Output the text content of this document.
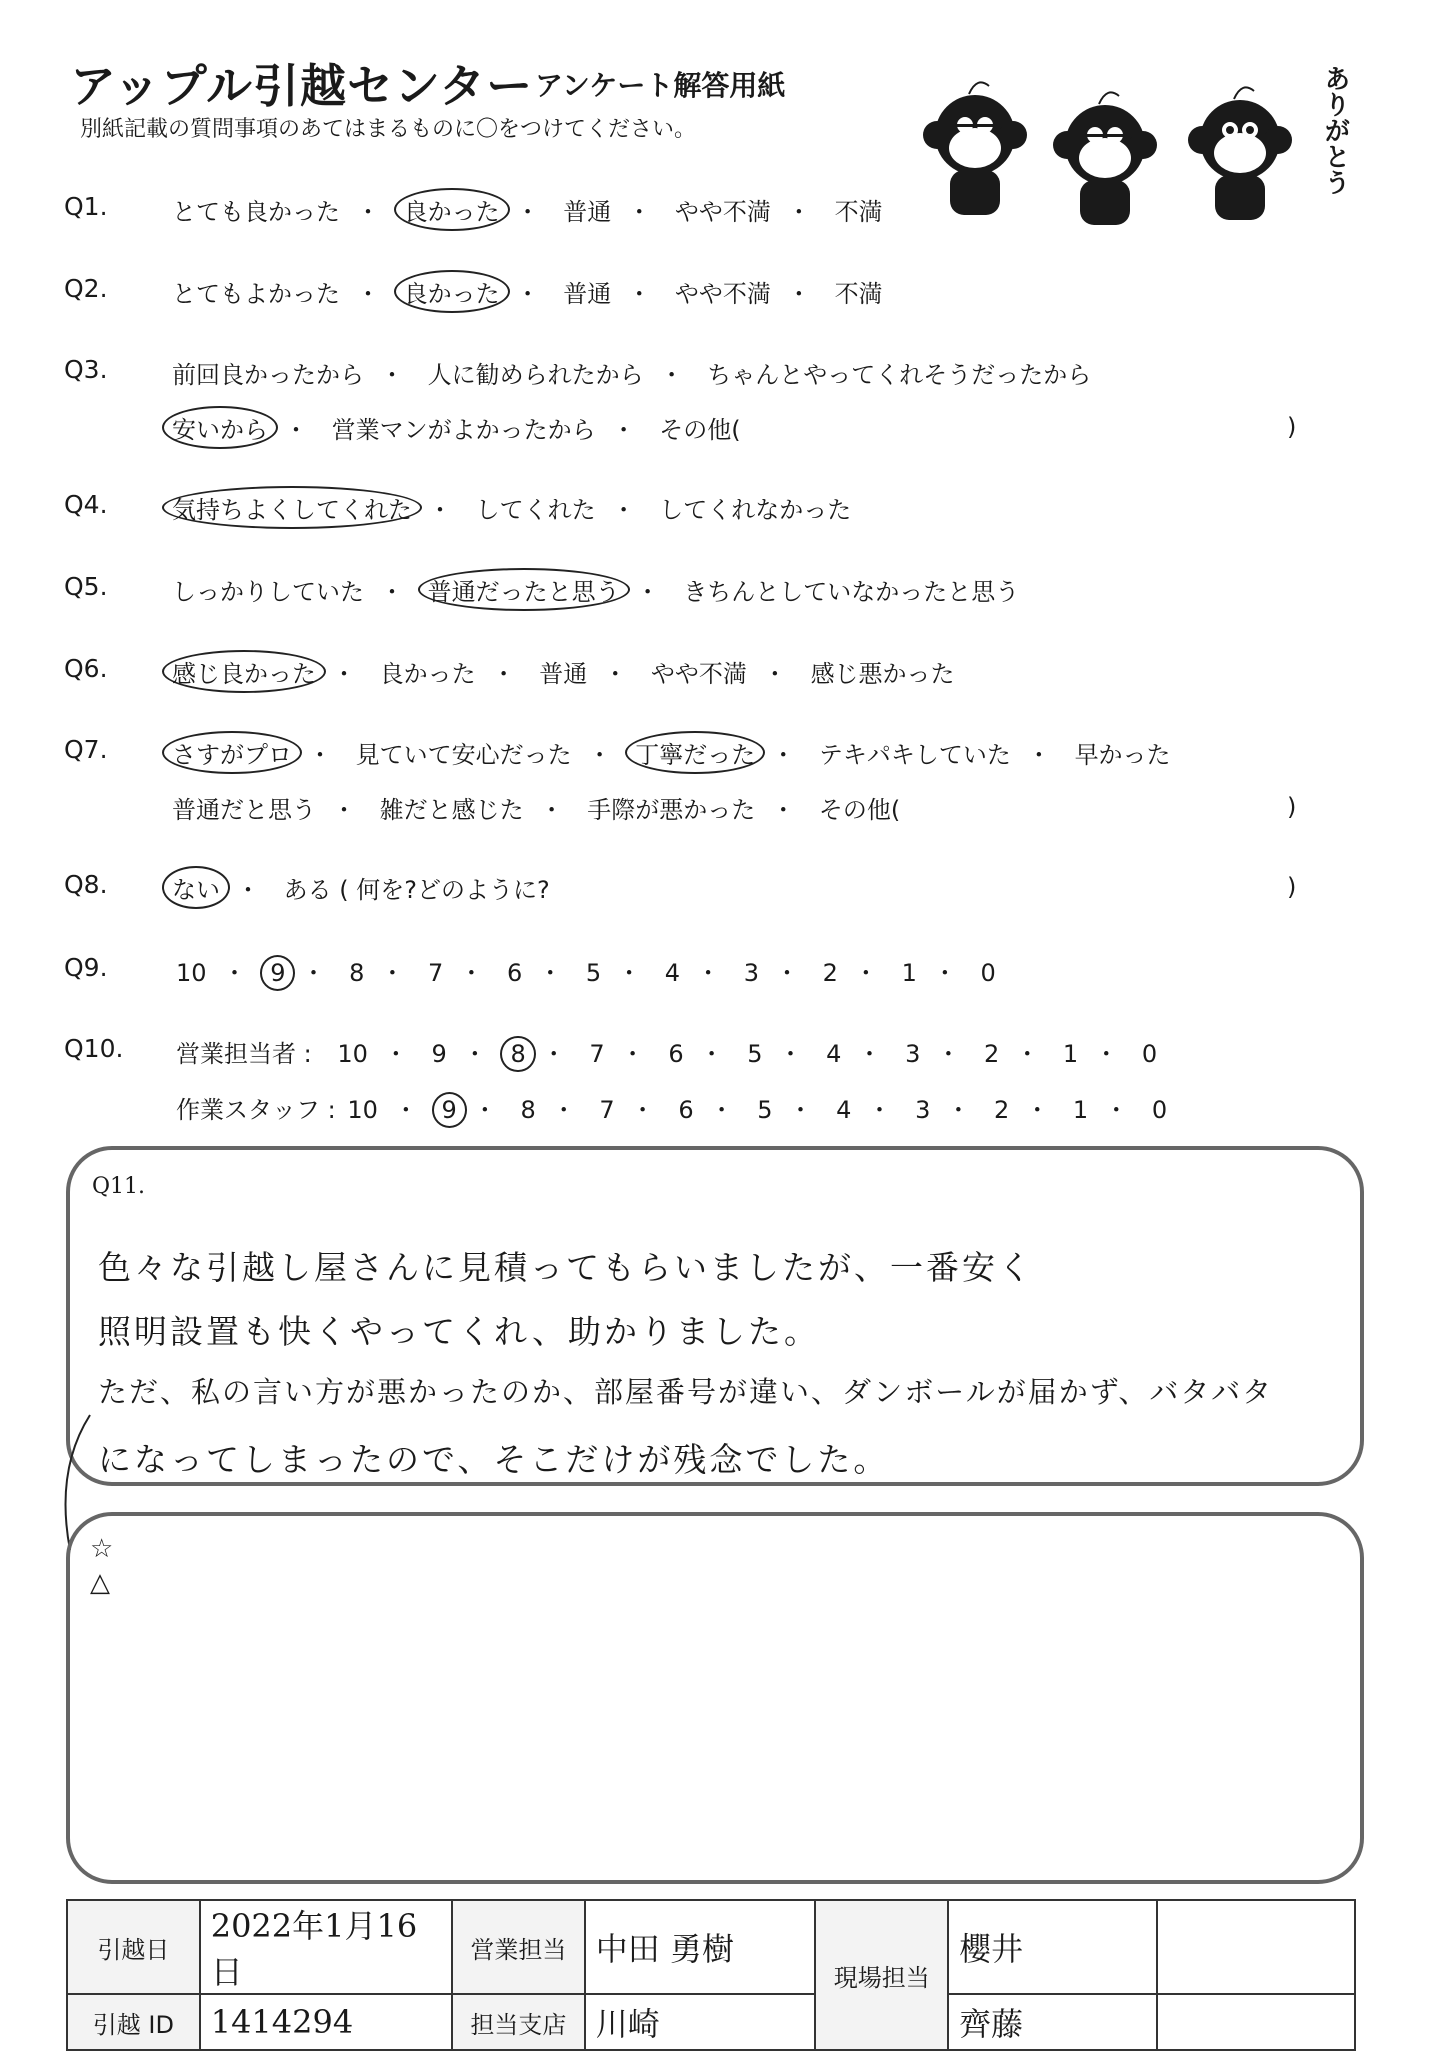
アップル引越センター アンケート解答用紙
別紙記載の質問事項のあてはまるものに〇をつけてください。	ありがとう
Q1.	とても良かった ・ 良かった ・ 普通 ・ やや不満 ・ 不満
Q2.	とてもよかった ・ 良かった ・ 普通 ・ やや不満 ・ 不満
Q3.	前回良かったから ・ 人に勧められたから ・ ちゃんとやってくれそうだったから
安いから ・ 営業マンがよかったから ・ その他(	)
Q4.	気持ちよくしてくれた ・ してくれた ・ してくれなかった
Q5.	しっかりしていた ・ 普通だったと思う ・ きちんとしていなかったと思う
Q6.	感じ良かった ・ 良かった ・ 普通 ・ やや不満 ・ 感じ悪かった
Q7.	さすがプロ ・ 見ていて安心だった ・ 丁寧だった ・ テキパキしていた ・ 早かった
普通だと思う ・ 雑だと感じた ・ 手際が悪かった ・ その他(	)
Q8.	ない ・ ある ( 何を?どのように?	)
Q9.	10 ・ 9 ・ 8 ・ 7 ・ 6 ・ 5 ・ 4 ・ 3 ・ 2 ・ 1 ・ 0
Q10. 営業担当者 : 10 ・ 9 ・ 8 ・ 7 ・ 6 ・ 5 ・ 4 ・ 3 ・ 2 ・ 1 ・ 0
作業スタッフ : 10 ・ 9 ・ 8 ・ 7 ・ 6 ・ 5 ・ 4 ・ 3 ・ 2 ・ 1 ・ 0
Q11.
色々な引越し屋さんに見積ってもらいましたが、一番安く
照明設置も快くやってくれ、助かりました。
ただ、私の言い方が悪かったのか、部屋番号が違い、ダンボールが届かず、バタバタ
になってしまったので、そこだけが残念でした。
☆
△
引越日	2022年1月16日	営業担当	中田 勇樹	現場担当	櫻井	
引越 ID	1414294	担当支店	川崎		齊藤	
